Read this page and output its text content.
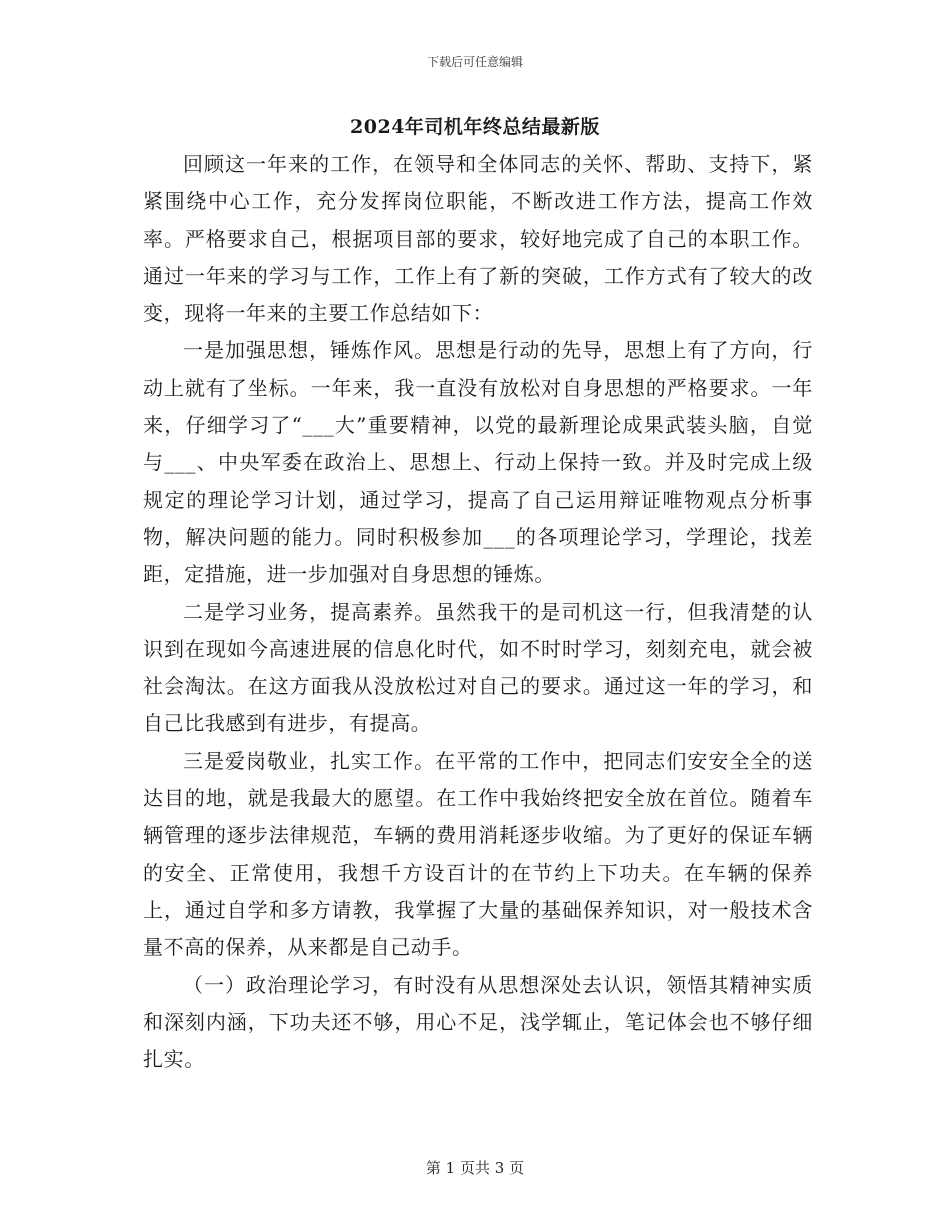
下载后可任意编辑
2024年司机年终总结最新版

回顾这一年来的工作，在领导和全体同志的关怀、帮助、支持下，紧紧围绕中心工作，充分发挥岗位职能，不断改进工作方法，提高工作效率。严格要求自己，根据项目部的要求，较好地完成了自己的本职工作。通过一年来的学习与工作，工作上有了新的突破，工作方式有了较大的改变，现将一年来的主要工作总结如下：

一是加强思想，锤炼作风。思想是行动的先导，思想上有了方向，行动上就有了坐标。一年来，我一直没有放松对自身思想的严格要求。一年来，仔细学习了“___大”重要精神，以党的最新理论成果武装头脑，自觉与___、中央军委在政治上、思想上、行动上保持一致。并及时完成上级规定的理论学习计划，通过学习，提高了自己运用辩证唯物观点分析事物，解决问题的能力。同时积极参加___的各项理论学习，学理论，找差距，定措施，进一步加强对自身思想的锤炼。

二是学习业务，提高素养。虽然我干的是司机这一行，但我清楚的认识到在现如今高速进展的信息化时代，如不时时学习，刻刻充电，就会被社会淘汰。在这方面我从没放松过对自己的要求。通过这一年的学习，和自己比我感到有进步，有提高。

三是爱岗敬业，扎实工作。在平常的工作中，把同志们安安全全的送达目的地，就是我最大的愿望。在工作中我始终把安全放在首位。随着车辆管理的逐步法律规范，车辆的费用消耗逐步收缩。为了更好的保证车辆的安全、正常使用，我想千方设百计的在节约上下功夫。在车辆的保养上，通过自学和多方请教，我掌握了大量的基础保养知识，对一般技术含量不高的保养，从来都是自己动手。

（一）政治理论学习，有时没有从思想深处去认识，领悟其精神实质和深刻内涵，下功夫还不够，用心不足，浅学辄止，笔记体会也不够仔细扎实。

第 1 页共 3 页
